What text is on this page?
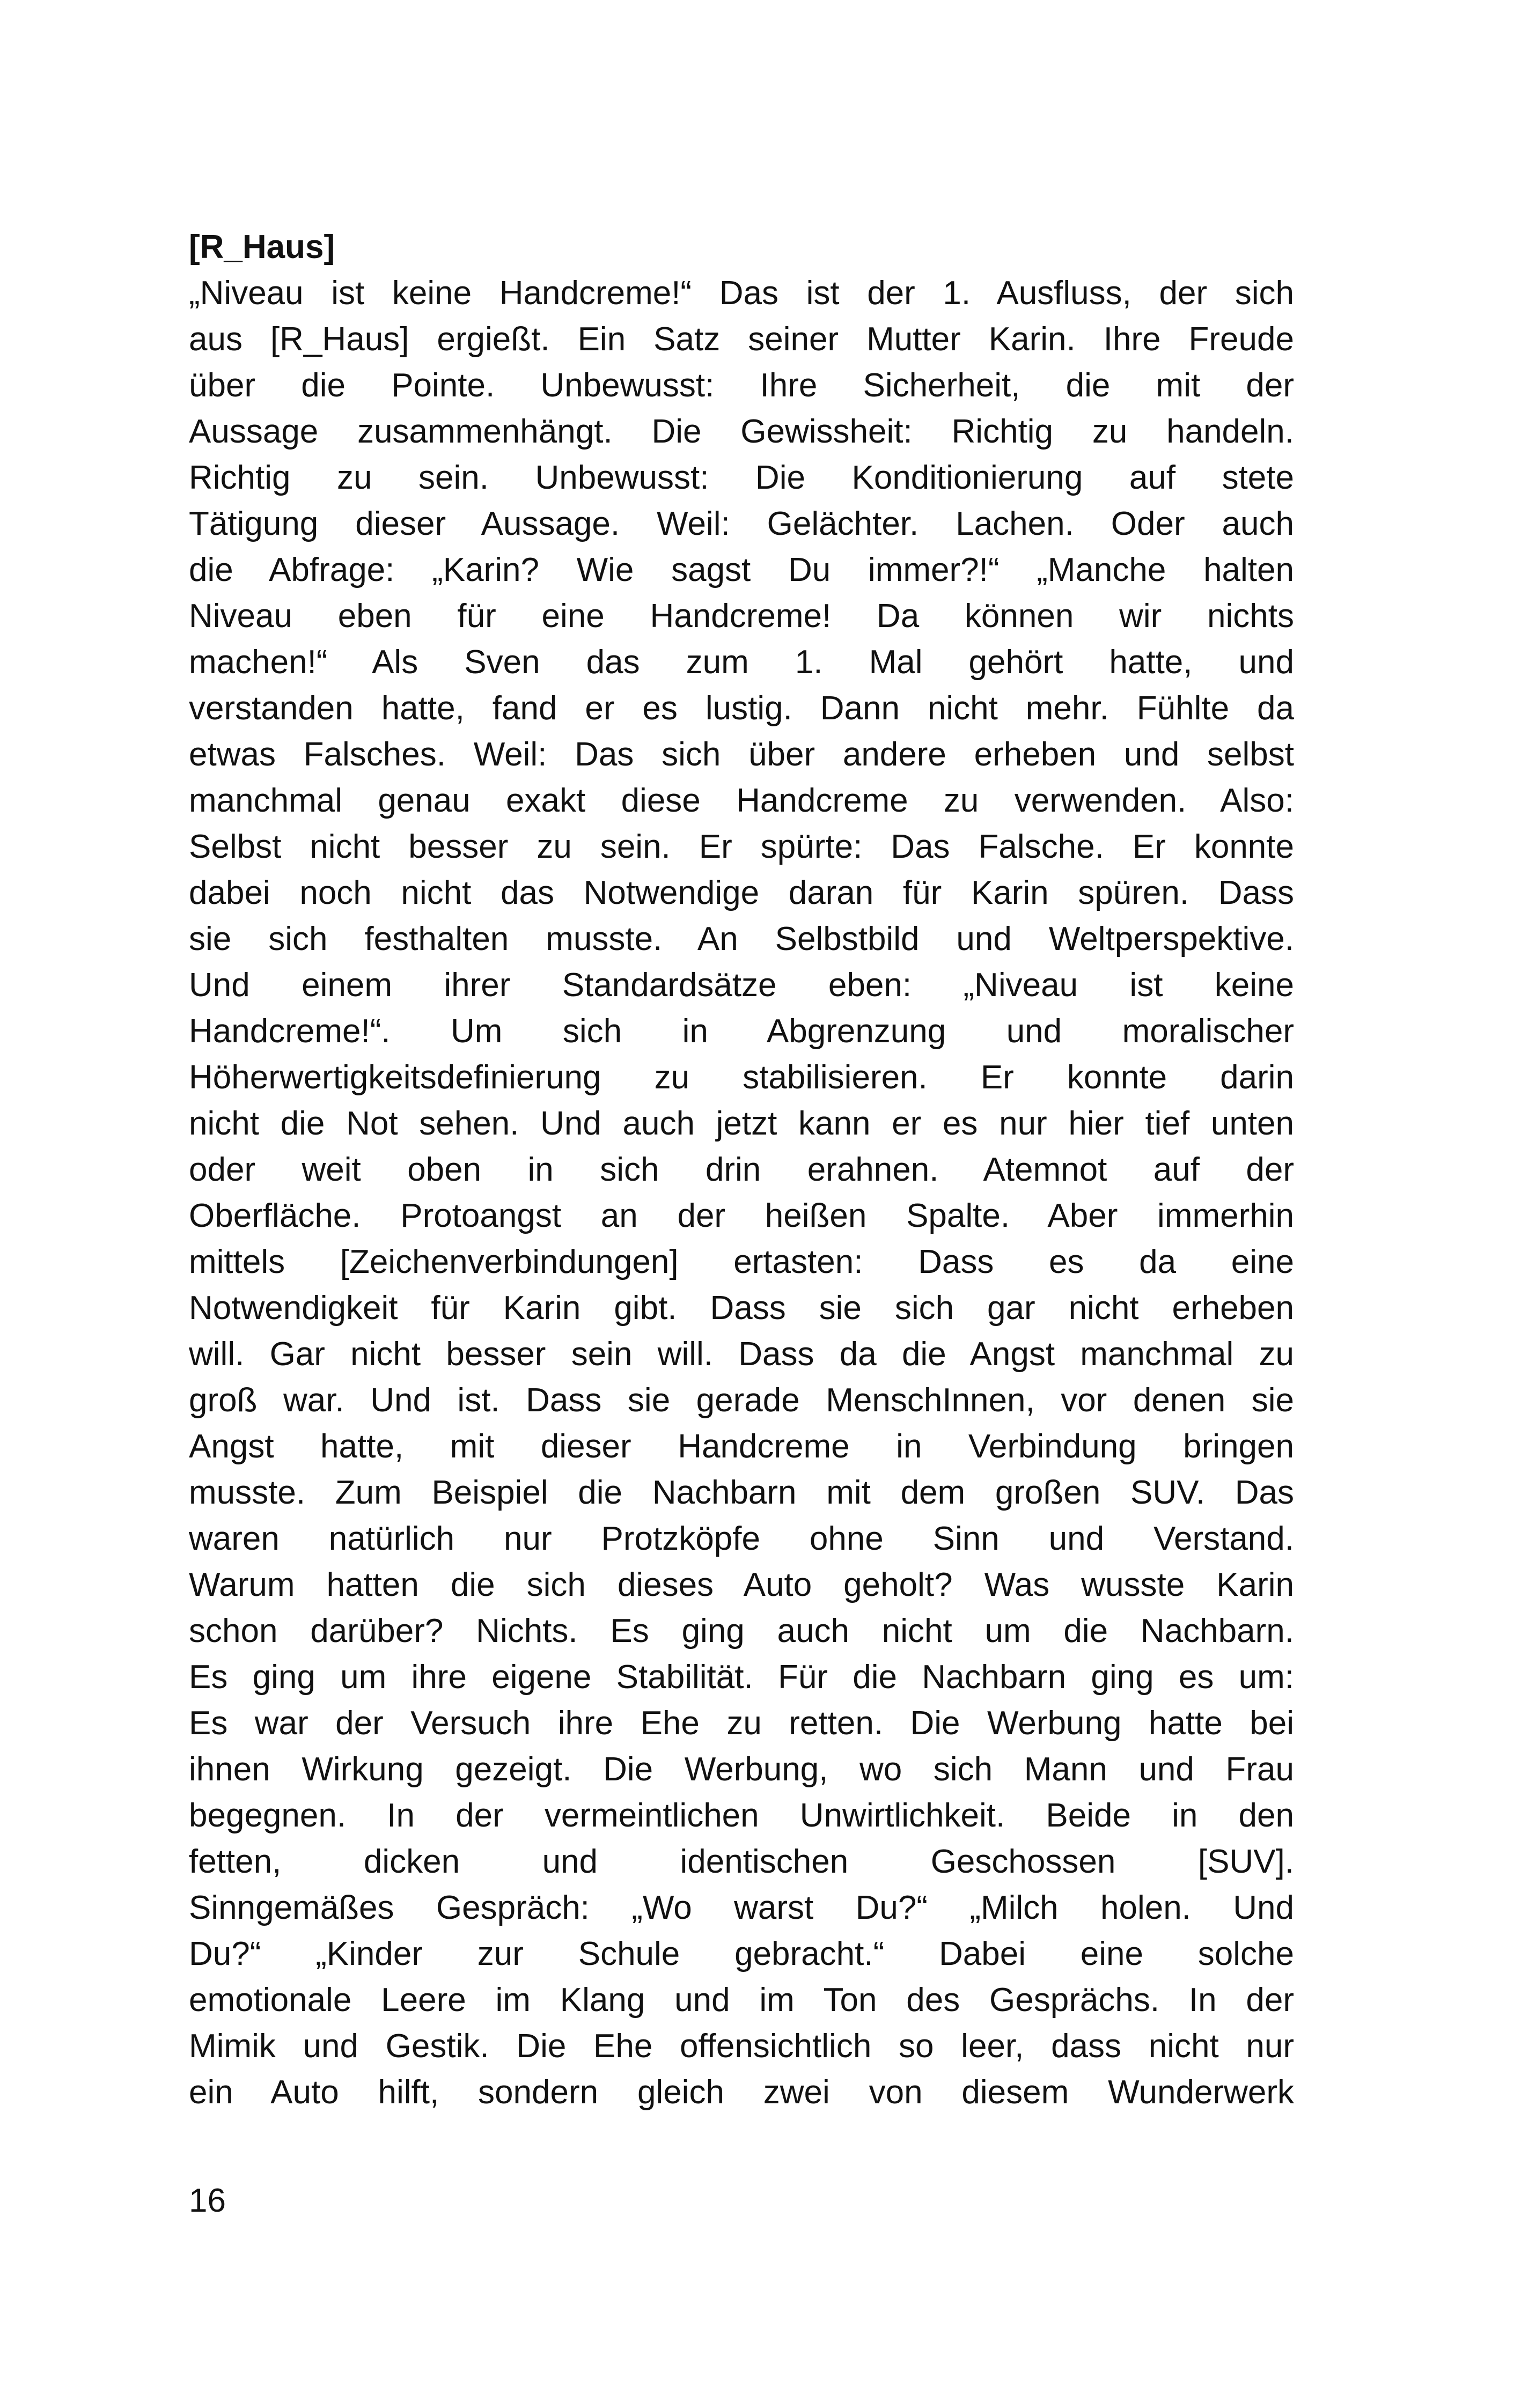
[R_Haus]
„Niveau ist keine Handcreme!“ Das ist der 1. Ausfluss, der sich
aus [R_Haus] ergießt. Ein Satz seiner Mutter Karin. Ihre Freude
über die Pointe. Unbewusst: Ihre Sicherheit, die mit der
Aussage zusammenhängt. Die Gewissheit: Richtig zu handeln.
Richtig zu sein. Unbewusst: Die Konditionierung auf stete
Tätigung dieser Aussage. Weil: Gelächter. Lachen. Oder auch
die Abfrage: „Karin? Wie sagst Du immer?!“ „Manche halten
Niveau eben für eine Handcreme! Da können wir nichts
machen!“ Als Sven das zum 1. Mal gehört hatte, und
verstanden hatte, fand er es lustig. Dann nicht mehr. Fühlte da
etwas Falsches. Weil: Das sich über andere erheben und selbst
manchmal genau exakt diese Handcreme zu verwenden. Also:
Selbst nicht besser zu sein. Er spürte: Das Falsche. Er konnte
dabei noch nicht das Notwendige daran für Karin spüren. Dass
sie sich festhalten musste. An Selbstbild und Weltperspektive.
Und einem ihrer Standardsätze eben: „Niveau ist keine
Handcreme!“. Um sich in Abgrenzung und moralischer
Höherwertigkeitsdefinierung zu stabilisieren. Er konnte darin
nicht die Not sehen. Und auch jetzt kann er es nur hier tief unten
oder weit oben in sich drin erahnen. Atemnot auf der
Oberfläche. Protoangst an der heißen Spalte. Aber immerhin
mittels [Zeichenverbindungen] ertasten: Dass es da eine
Notwendigkeit für Karin gibt. Dass sie sich gar nicht erheben
will. Gar nicht besser sein will. Dass da die Angst manchmal zu
groß war. Und ist. Dass sie gerade MenschInnen, vor denen sie
Angst hatte, mit dieser Handcreme in Verbindung bringen
musste. Zum Beispiel die Nachbarn mit dem großen SUV. Das
waren natürlich nur Protzköpfe ohne Sinn und Verstand.
Warum hatten die sich dieses Auto geholt? Was wusste Karin
schon darüber? Nichts. Es ging auch nicht um die Nachbarn.
Es ging um ihre eigene Stabilität. Für die Nachbarn ging es um:
Es war der Versuch ihre Ehe zu retten. Die Werbung hatte bei
ihnen Wirkung gezeigt. Die Werbung, wo sich Mann und Frau
begegnen. In der vermeintlichen Unwirtlichkeit. Beide in den
fetten, dicken und identischen Geschossen [SUV].
Sinngemäßes Gespräch: „Wo warst Du?“ „Milch holen. Und
Du?“ „Kinder zur Schule gebracht.“ Dabei eine solche
emotionale Leere im Klang und im Ton des Gesprächs. In der
Mimik und Gestik. Die Ehe offensichtlich so leer, dass nicht nur
ein Auto hilft, sondern gleich zwei von diesem Wunderwerk
16
